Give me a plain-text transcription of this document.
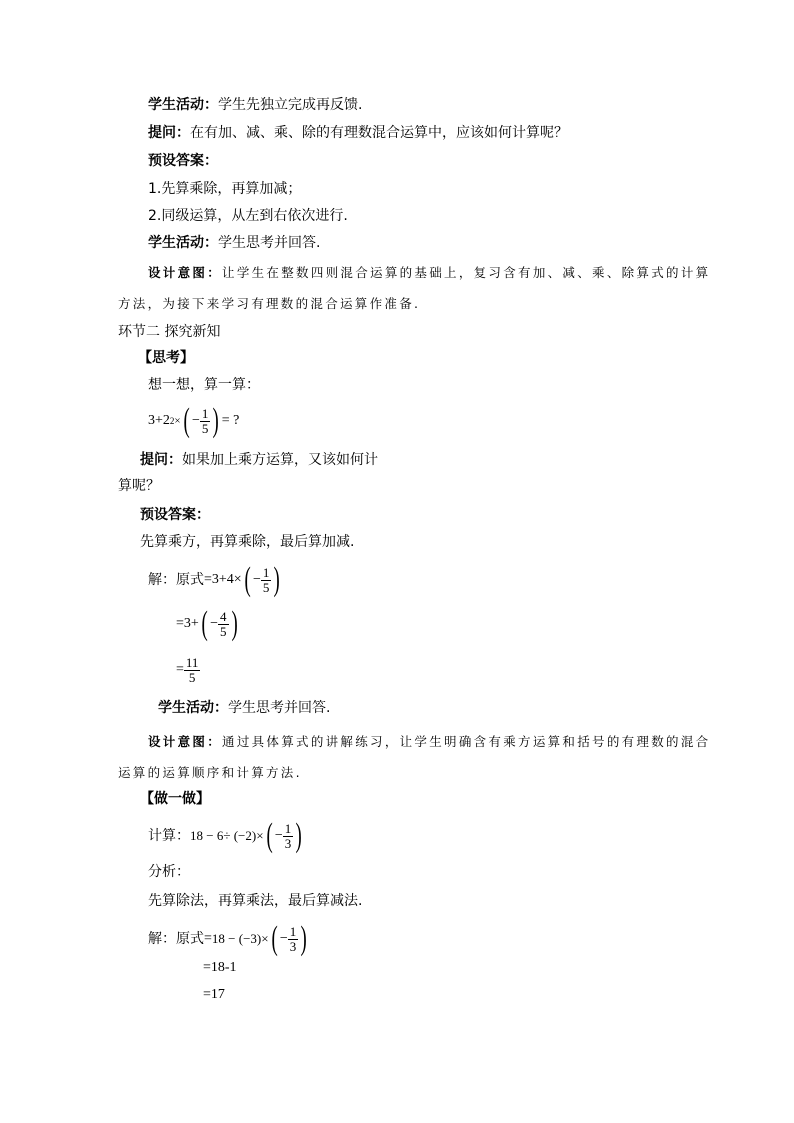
学生活动：学生先独立完成再反馈.
提问：在有加、减、乘、除的有理数混合运算中，应该如何计算呢？
预设答案：
1.先算乘除，再算加减；
2.同级运算，从左到右依次进行.
学生活动：学生思考并回答.
设计意图：让学生在整数四则混合运算的基础上，复习含有加、减、乘、除算式的计算
方法，为接下来学习有理数的混合运算作准备.
环节二 探究新知
【思考】
想一想，算一算：
3+2 2 × ( − $\frac{1}{5}$ ) = ?
提问：如果加上乘方运算，又该如何计
算呢？
预设答案：
先算乘方，再算乘除，最后算加减.
解：原式 =3+4× ( − $\frac{1}{5}$ )
=3+ ( − $\frac{4}{5}$ )
= $\frac{11}{5}$
学生活动：学生思考并回答.
设计意图：通过具体算式的讲解练习，让学生明确含有乘方运算和括号的有理数的混合
运算的运算顺序和计算方法.
【做一做】
计算： 18 − 6÷ (−2)× ( − $\frac{1}{3}$ )
分析：
先算除法，再算乘法，最后算减法.
解：原式 = 18 − (−3)× ( − $\frac{1}{3}$ )
=18-1
=17
